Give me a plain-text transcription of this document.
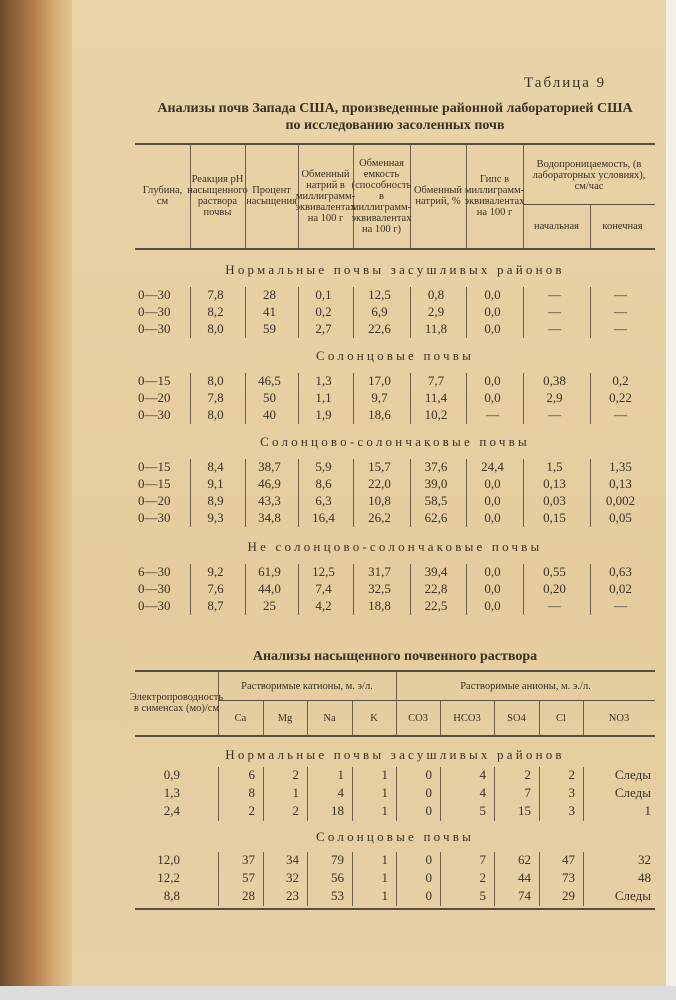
Таблица 9
Анализы почв Запада США, произведенные районной лабораторией США
по исследованию засоленных почв
Глубина, см
Реакция pH насыщенного раствора почвы
Процент насыщения
Обменный натрий в миллиграмм-эквивалентах на 100 г
Обменная емкость (способность в миллиграмм-эквивалентах на 100 г)
Обменный натрий, %
Гипс в миллиграмм-эквивалентах на 100 г
Водопроницаемость, (в лабораторных условиях), см/час
начальная	конечная
Нормальные почвы засушливых районов
0—30	7,8	28	0,1	12,5	0,8	0,0	—	—
0—30	8,2	41	0,2	6,9	2,9	0,0	—	—
0—30	8,0	59	2,7	22,6	11,8	0,0	—	—
Солонцовые почвы
0—15	8,0	46,5	1,3	17,0	7,7	0,0	0,38	0,2
0—20	7,8	50	1,1	9,7	11,4	0,0	2,9	0,22
0—30	8,0	40	1,9	18,6	10,2	—	—	—
Солонцово-солончаковые почвы
0—15	8,4	38,7	5,9	15,7	37,6	24,4	1,5	1,35
0—15	9,1	46,9	8,6	22,0	39,0	0,0	0,13	0,13
0—20	8,9	43,3	6,3	10,8	58,5	0,0	0,03	0,002
0—30	9,3	34,8	16,4	26,2	62,6	0,0	0,15	0,05
Не солонцово-солончаковые почвы
6—30	9,2	61,9	12,5	31,7	39,4	0,0	0,55	0,63
0—30	7,6	44,0	7,4	32,5	22,8	0,0	0,20	0,02
0—30	8,7	25	4,2	18,8	22,5	0,0	—	—
Анализы насыщенного почвенного раствора
Электропроводность в сименсах (мо)/см
Растворимые катионы, м. э/л.	Растворимые анионы, м. э./л.
Ca	Mg	Na	K	CO3	HCO3	SO4	Cl	NO3
Нормальные почвы засушливых районов
0,9	6	2	1	1	0	4	2	2	Следы
1,3	8	1	4	1	0	4	7	3	Следы
2,4	2	2	18	1	0	5	15	3	1
Солонцовые почвы
12,0	37	34	79	1	0	7	62	47	32
12,2	57	32	56	1	0	2	44	73	48
8,8	28	23	53	1	0	5	74	29	Следы
